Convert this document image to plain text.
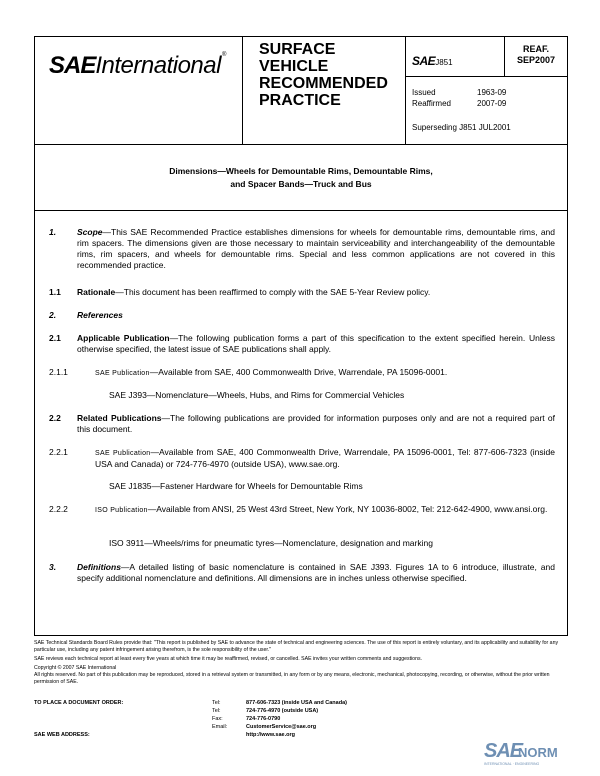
SAEInternational® SURFACE
VEHICLE
RECOMMENDED
PRACTICE
SAEJ851
REAF.
SEP2007
Issued	1963-09
Reaffirmed	2007-09
Superseding J851 JUL2001
Dimensions—Wheels for Demountable Rims, Demountable Rims,
and Spacer Bands—Truck and Bus
1. Scope—This SAE Recommended Practice establishes dimensions for wheels for demountable rims, demountable rims, and rim spacers. The dimensions given are those necessary to maintain serviceability and interchangeability of the demountable rims, rim spacers, and wheels for demountable rims. Special and less common applications are not covered in this recommended practice.
1.1 Rationale—This document has been reaffirmed to comply with the SAE 5-Year Review policy.
2. References
2.1 Applicable Publication—The following publication forms a part of this specification to the extent specified herein. Unless otherwise specified, the latest issue of SAE publications shall apply.
2.1.1	SAE Publication—Available from SAE, 400 Commonwealth Drive, Warrendale, PA 15096-0001.
SAE J393—Nomenclature—Wheels, Hubs, and Rims for Commercial Vehicles
2.2 Related Publications—The following publications are provided for information purposes only and are not a required part of this document.
2.2.1	SAE Publication—Available from SAE, 400 Commonwealth Drive, Warrendale, PA 15096-0001, Tel: 877-606-7323 (inside USA and Canada) or 724-776-4970 (outside USA), www.sae.org.
SAE J1835—Fastener Hardware for Wheels for Demountable Rims
2.2.2	ISO Publication—Available from ANSI, 25 West 43rd Street, New York, NY 10036-8002, Tel: 212-642-4900, www.ansi.org.
ISO 3911—Wheels/rims for pneumatic tyres—Nomenclature, designation and marking
3. Definitions—A detailed listing of basic nomenclature is contained in SAE J393. Figures 1A to 6 introduce, illustrate, and specify additional nomenclature and definitions. All dimensions are in inches unless otherwise specified.

SAE Technical Standards Board Rules provide that: "This report is published by SAE to advance the state of technical and engineering sciences. The use of this report is entirely voluntary, and its applicability and suitability for any particular use, including any patent infringement arising therefrom, is the sole responsibility of the user."

SAE reviews each technical report at least every five years at which time it may be reaffirmed, revised, or cancelled. SAE invites your written comments and suggestions.

Copyright © 2007 SAE International

All rights reserved. No part of this publication may be reproduced, stored in a retrieval system or transmitted, in any form or by any means, electronic, mechanical, photocopying, recording, or otherwise, without the prior written permission of SAE.

TO PLACE A DOCUMENT ORDER:	Tel:	877-606-7323 (inside USA and Canada)
Tel:	724-776-4970 (outside USA)
Fax:	724-776-0790
Email:	CustomerService@sae.org
SAE WEB ADDRESS:	http://www.sae.org
SAE
NORM
INTERNATIONAL · ENGINEERING
